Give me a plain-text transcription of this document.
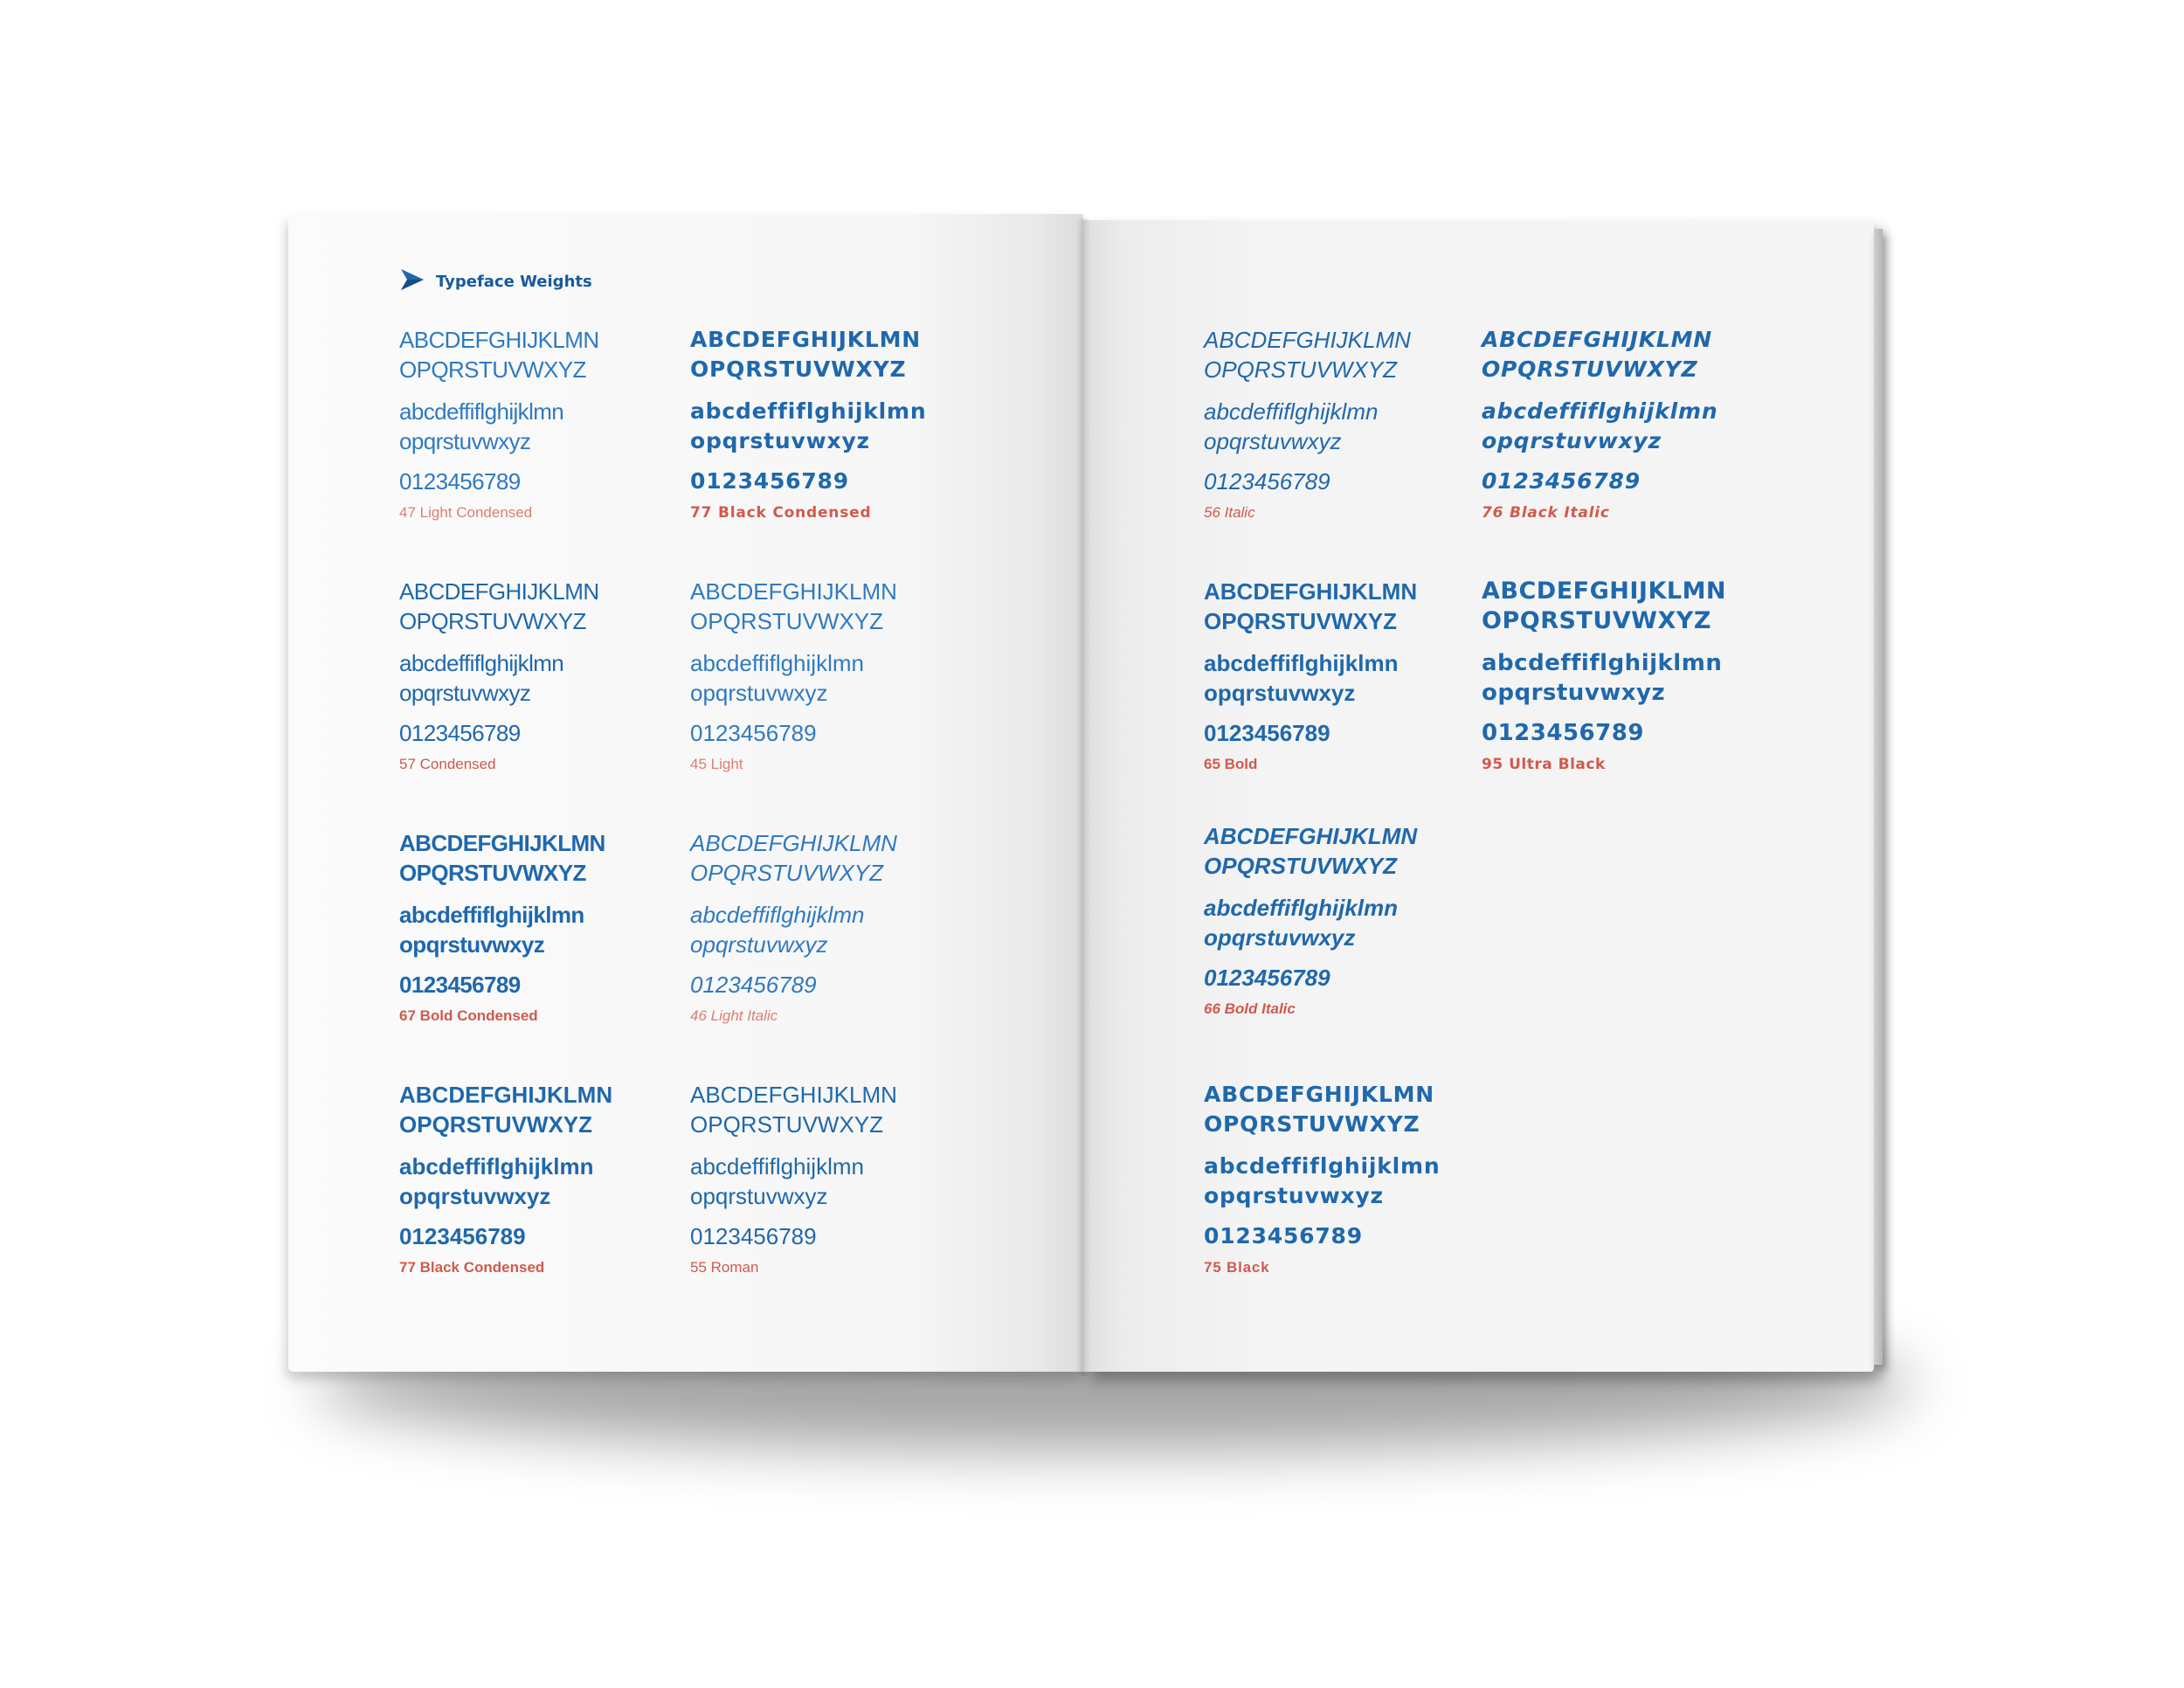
Typeface Weights
ABCDEFGHIJKLMN
OPQRSTUVWXYZ
abcdeffiflghijklmn
opqrstuvwxyz
0123456789
47 Light Condensed
ABCDEFGHIJKLMN
OPQRSTUVWXYZ
abcdeffiflghijklmn
opqrstuvwxyz
0123456789
57 Condensed
ABCDEFGHIJKLMN
OPQRSTUVWXYZ
abcdeffiflghijklmn
opqrstuvwxyz
0123456789
67 Bold Condensed
ABCDEFGHIJKLMN
OPQRSTUVWXYZ
abcdeffiflghijklmn
opqrstuvwxyz
0123456789
77 Black Condensed
ABCDEFGHIJKLMN
OPQRSTUVWXYZ
abcdeffiflghijklmn
opqrstuvwxyz
0123456789
77 Black Condensed
ABCDEFGHIJKLMN
OPQRSTUVWXYZ
abcdeffiflghijklmn
opqrstuvwxyz
0123456789
45 Light
ABCDEFGHIJKLMN
OPQRSTUVWXYZ
abcdeffiflghijklmn
opqrstuvwxyz
0123456789
46 Light Italic
ABCDEFGHIJKLMN
OPQRSTUVWXYZ
abcdeffiflghijklmn
opqrstuvwxyz
0123456789
55 Roman
ABCDEFGHIJKLMN
OPQRSTUVWXYZ
abcdeffiflghijklmn
opqrstuvwxyz
0123456789
56 Italic
ABCDEFGHIJKLMN
OPQRSTUVWXYZ
abcdeffiflghijklmn
opqrstuvwxyz
0123456789
65 Bold
ABCDEFGHIJKLMN
OPQRSTUVWXYZ
abcdeffiflghijklmn
opqrstuvwxyz
0123456789
66 Bold Italic
ABCDEFGHIJKLMN
OPQRSTUVWXYZ
abcdeffiflghijklmn
opqrstuvwxyz
0123456789
75 Black
ABCDEFGHIJKLMN
OPQRSTUVWXYZ
abcdeffiflghijklmn
opqrstuvwxyz
0123456789
76 Black Italic
ABCDEFGHIJKLMN
OPQRSTUVWXYZ
abcdeffiflghijklmn
opqrstuvwxyz
0123456789
95 Ultra Black
